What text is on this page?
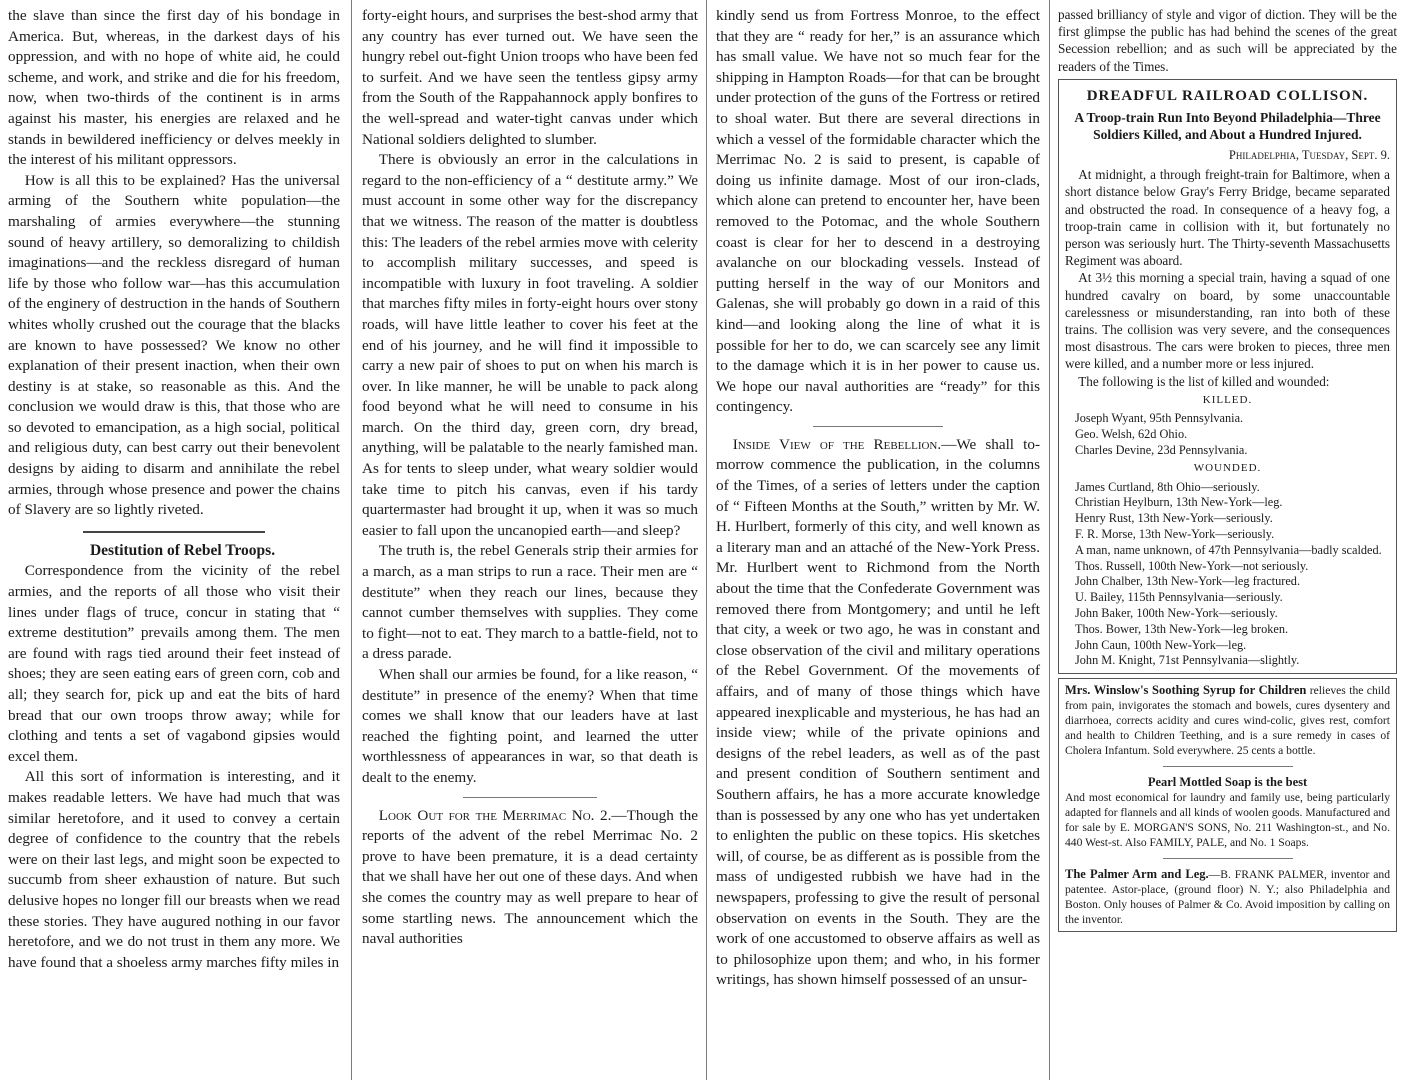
the slave than since the first day of his bondage in America. But, whereas, in the darkest days of his oppression, and with no hope of white aid, he could scheme, and work, and strike and die for his freedom, now, when two-thirds of the continent is in arms against his master, his energies are relaxed and he stands in bewildered inefficiency or delves meekly in the interest of his militant oppressors.

How is all this to be explained? Has the universal arming of the Southern white population—the marshaling of armies everywhere—the stunning sound of heavy artillery, so demoralizing to childish imaginations—and the reckless disregard of human life by those who follow war—has this accumulation of the enginery of destruction in the hands of Southern whites wholly crushed out the courage that the blacks are known to have possessed? We know no other explanation of their present inaction, when their own destiny is at stake, so reasonable as this. And the conclusion we would draw is this, that those who are so devoted to emancipation, as a high social, political and religious duty, can best carry out their benevolent designs by aiding to disarm and annihilate the rebel armies, through whose presence and power the chains of Slavery are so lightly riveted.

Destitution of Rebel Troops.

Correspondence from the vicinity of the rebel armies, and the reports of all those who visit their lines under flags of truce, concur in stating that “ extreme destitution” prevails among them. The men are found with rags tied around their feet instead of shoes; they are seen eating ears of green corn, cob and all; they search for, pick up and eat the bits of hard bread that our own troops throw away; while for clothing and tents a set of vagabond gipsies would excel them.

All this sort of information is interesting, and it makes readable letters. We have had much that was similar heretofore, and it used to convey a certain degree of confidence to the country that the rebels were on their last legs, and might soon be expected to succumb from sheer exhaustion of nature. But such delusive hopes no longer fill our breasts when we read these stories. They have augured nothing in our favor heretofore, and we do not trust in them any more. We have found that a shoeless army marches fifty miles in

forty-eight hours, and surprises the best-shod army that any country has ever turned out. We have seen the hungry rebel out-fight Union troops who have been fed to surfeit. And we have seen the tentless gipsy army from the South of the Rappahannock apply bonfires to the well-spread and water-tight canvas under which National soldiers delighted to slumber.

There is obviously an error in the calculations in regard to the non-efficiency of a “ destitute army.” We must account in some other way for the discrepancy that we witness. The reason of the matter is doubtless this: The leaders of the rebel armies move with celerity to accomplish military successes, and speed is incompatible with luxury in foot traveling. A soldier that marches fifty miles in forty-eight hours over stony roads, will have little leather to cover his feet at the end of his journey, and he will find it impossible to carry a new pair of shoes to put on when his march is over. In like manner, he will be unable to pack along food beyond what he will need to consume in his march. On the third day, green corn, dry bread, anything, will be palatable to the nearly famished man. As for tents to sleep under, what weary soldier would take time to pitch his canvas, even if his tardy quartermaster had brought it up, when it was so much easier to fall upon the uncanopied earth—and sleep?

The truth is, the rebel Generals strip their armies for a march, as a man strips to run a race. Their men are “ destitute” when they reach our lines, because they cannot cumber themselves with supplies. They come to fight—not to eat. They march to a battle-field, not to a dress parade.

When shall our armies be found, for a like reason, “ destitute” in presence of the enemy? When that time comes we shall know that our leaders have at last reached the fighting point, and learned the utter worthlessness of appearances in war, so that death is dealt to the enemy.

Look Out for the Merrimac No. 2.—Though the reports of the advent of the rebel Merrimac No. 2 prove to have been premature, it is a dead certainty that we shall have her out one of these days. And when she comes the country may as well prepare to hear of some startling news. The announcement which the naval authorities

kindly send us from Fortress Monroe, to the effect that they are “ ready for her,” is an assurance which has small value. We have not so much fear for the shipping in Hampton Roads—for that can be brought under protection of the guns of the Fortress or retired to shoal water. But there are several directions in which a vessel of the formidable character which the Merrimac No. 2 is said to present, is capable of doing us infinite damage. Most of our iron-clads, which alone can pretend to encounter her, have been removed to the Potomac, and the whole Southern coast is clear for her to descend in a destroying avalanche on our blockading vessels. Instead of putting herself in the way of our Monitors and Galenas, she will probably go down in a raid of this kind—and looking along the line of what it is possible for her to do, we can scarcely see any limit to the damage which it is in her power to cause us. We hope our naval authorities are “ready” for this contingency.

Inside View of the Rebellion.—We shall to-morrow commence the publication, in the columns of the Times, of a series of letters under the caption of “ Fifteen Months at the South,” written by Mr. W. H. Hurlbert, formerly of this city, and well known as a literary man and an attaché of the New-York Press. Mr. Hurlbert went to Richmond from the North about the time that the Confederate Government was removed there from Montgomery; and until he left that city, a week or two ago, he was in constant and close observation of the civil and military operations of the Rebel Government. Of the movements of affairs, and of many of those things which have appeared inexplicable and mysterious, he has had an inside view; while of the private opinions and designs of the rebel leaders, as well as of the past and present condition of Southern sentiment and Southern affairs, he has a more accurate knowledge than is possessed by any one who has yet undertaken to enlighten the public on these topics. His sketches will, of course, be as different as is possible from the mass of undigested rubbish we have had in the newspapers, professing to give the result of personal observation on events in the South. They are the work of one accustomed to observe affairs as well as to philosophize upon them; and who, in his former writings, has shown himself possessed of an unsur-

passed brilliancy of style and vigor of diction. They will be the first glimpse the public has had behind the scenes of the great Secession rebellion; and as such will be appreciated by the readers of the Times.

DREADFUL RAILROAD COLLISON.
A Troop-train Run Into Beyond Philadelphia—Three Soldiers Killed, and About a Hundred Injured.
Philadelphia, Tuesday, Sept. 9.

At midnight, a through freight-train for Baltimore, when a short distance below Gray's Ferry Bridge, became separated and obstructed the road. In consequence of a heavy fog, a troop-train came in collision with it, but fortunately no person was seriously hurt. The Thirty-seventh Massachusetts Regiment was aboard.

At 3½ this morning a special train, having a squad of one hundred cavalry on board, by some unaccountable carelessness or misunderstanding, ran into both of these trains. The collision was very severe, and the consequences most disastrous. The cars were broken to pieces, three men were killed, and a number more or less injured.

The following is the list of killed and wounded:

KILLED.
Joseph Wyant, 95th Pennsylvania.
Geo. Welsh, 62d Ohio.
Charles Devine, 23d Pennsylvania.
WOUNDED.
James Curtland, 8th Ohio—seriously.
Christian Heylburn, 13th New-York—leg.
Henry Rust, 13th New-York—seriously.
F. R. Morse, 13th New-York—seriously.
A man, name unknown, of 47th Pennsylvania—badly scalded.
Thos. Russell, 100th New-York—not seriously.
John Chalber, 13th New-York—leg fractured.
U. Bailey, 115th Pennsylvania—seriously.
John Baker, 100th New-York—seriously.
Thos. Bower, 13th New-York—leg broken.
John Caun, 100th New-York—leg.
John M. Knight, 71st Pennsylvania—slightly.
Mrs. Winslow's Soothing Syrup for Children relieves the child from pain, invigorates the stomach and bowels, cures dysentery and diarrhoea, corrects acidity and cures wind-colic, gives rest, comfort and health to Children Teething, and is a sure remedy in cases of Cholera Infantum. Sold everywhere. 25 cents a bottle.
Pearl Mottled Soap is the best
And most economical for laundry and family use, being particularly adapted for flannels and all kinds of woolen goods. Manufactured and for sale by E. MORGAN'S SONS, No. 211 Washington-st., and No. 440 West-st. Also FAMILY, PALE, and No. 1 Soaps.
The Palmer Arm and Leg.—B. FRANK PALMER, inventor and patentee. Astor-place, (ground floor) N. Y.; also Philadelphia and Boston. Only houses of Palmer & Co. Avoid imposition by calling on the inventor.
